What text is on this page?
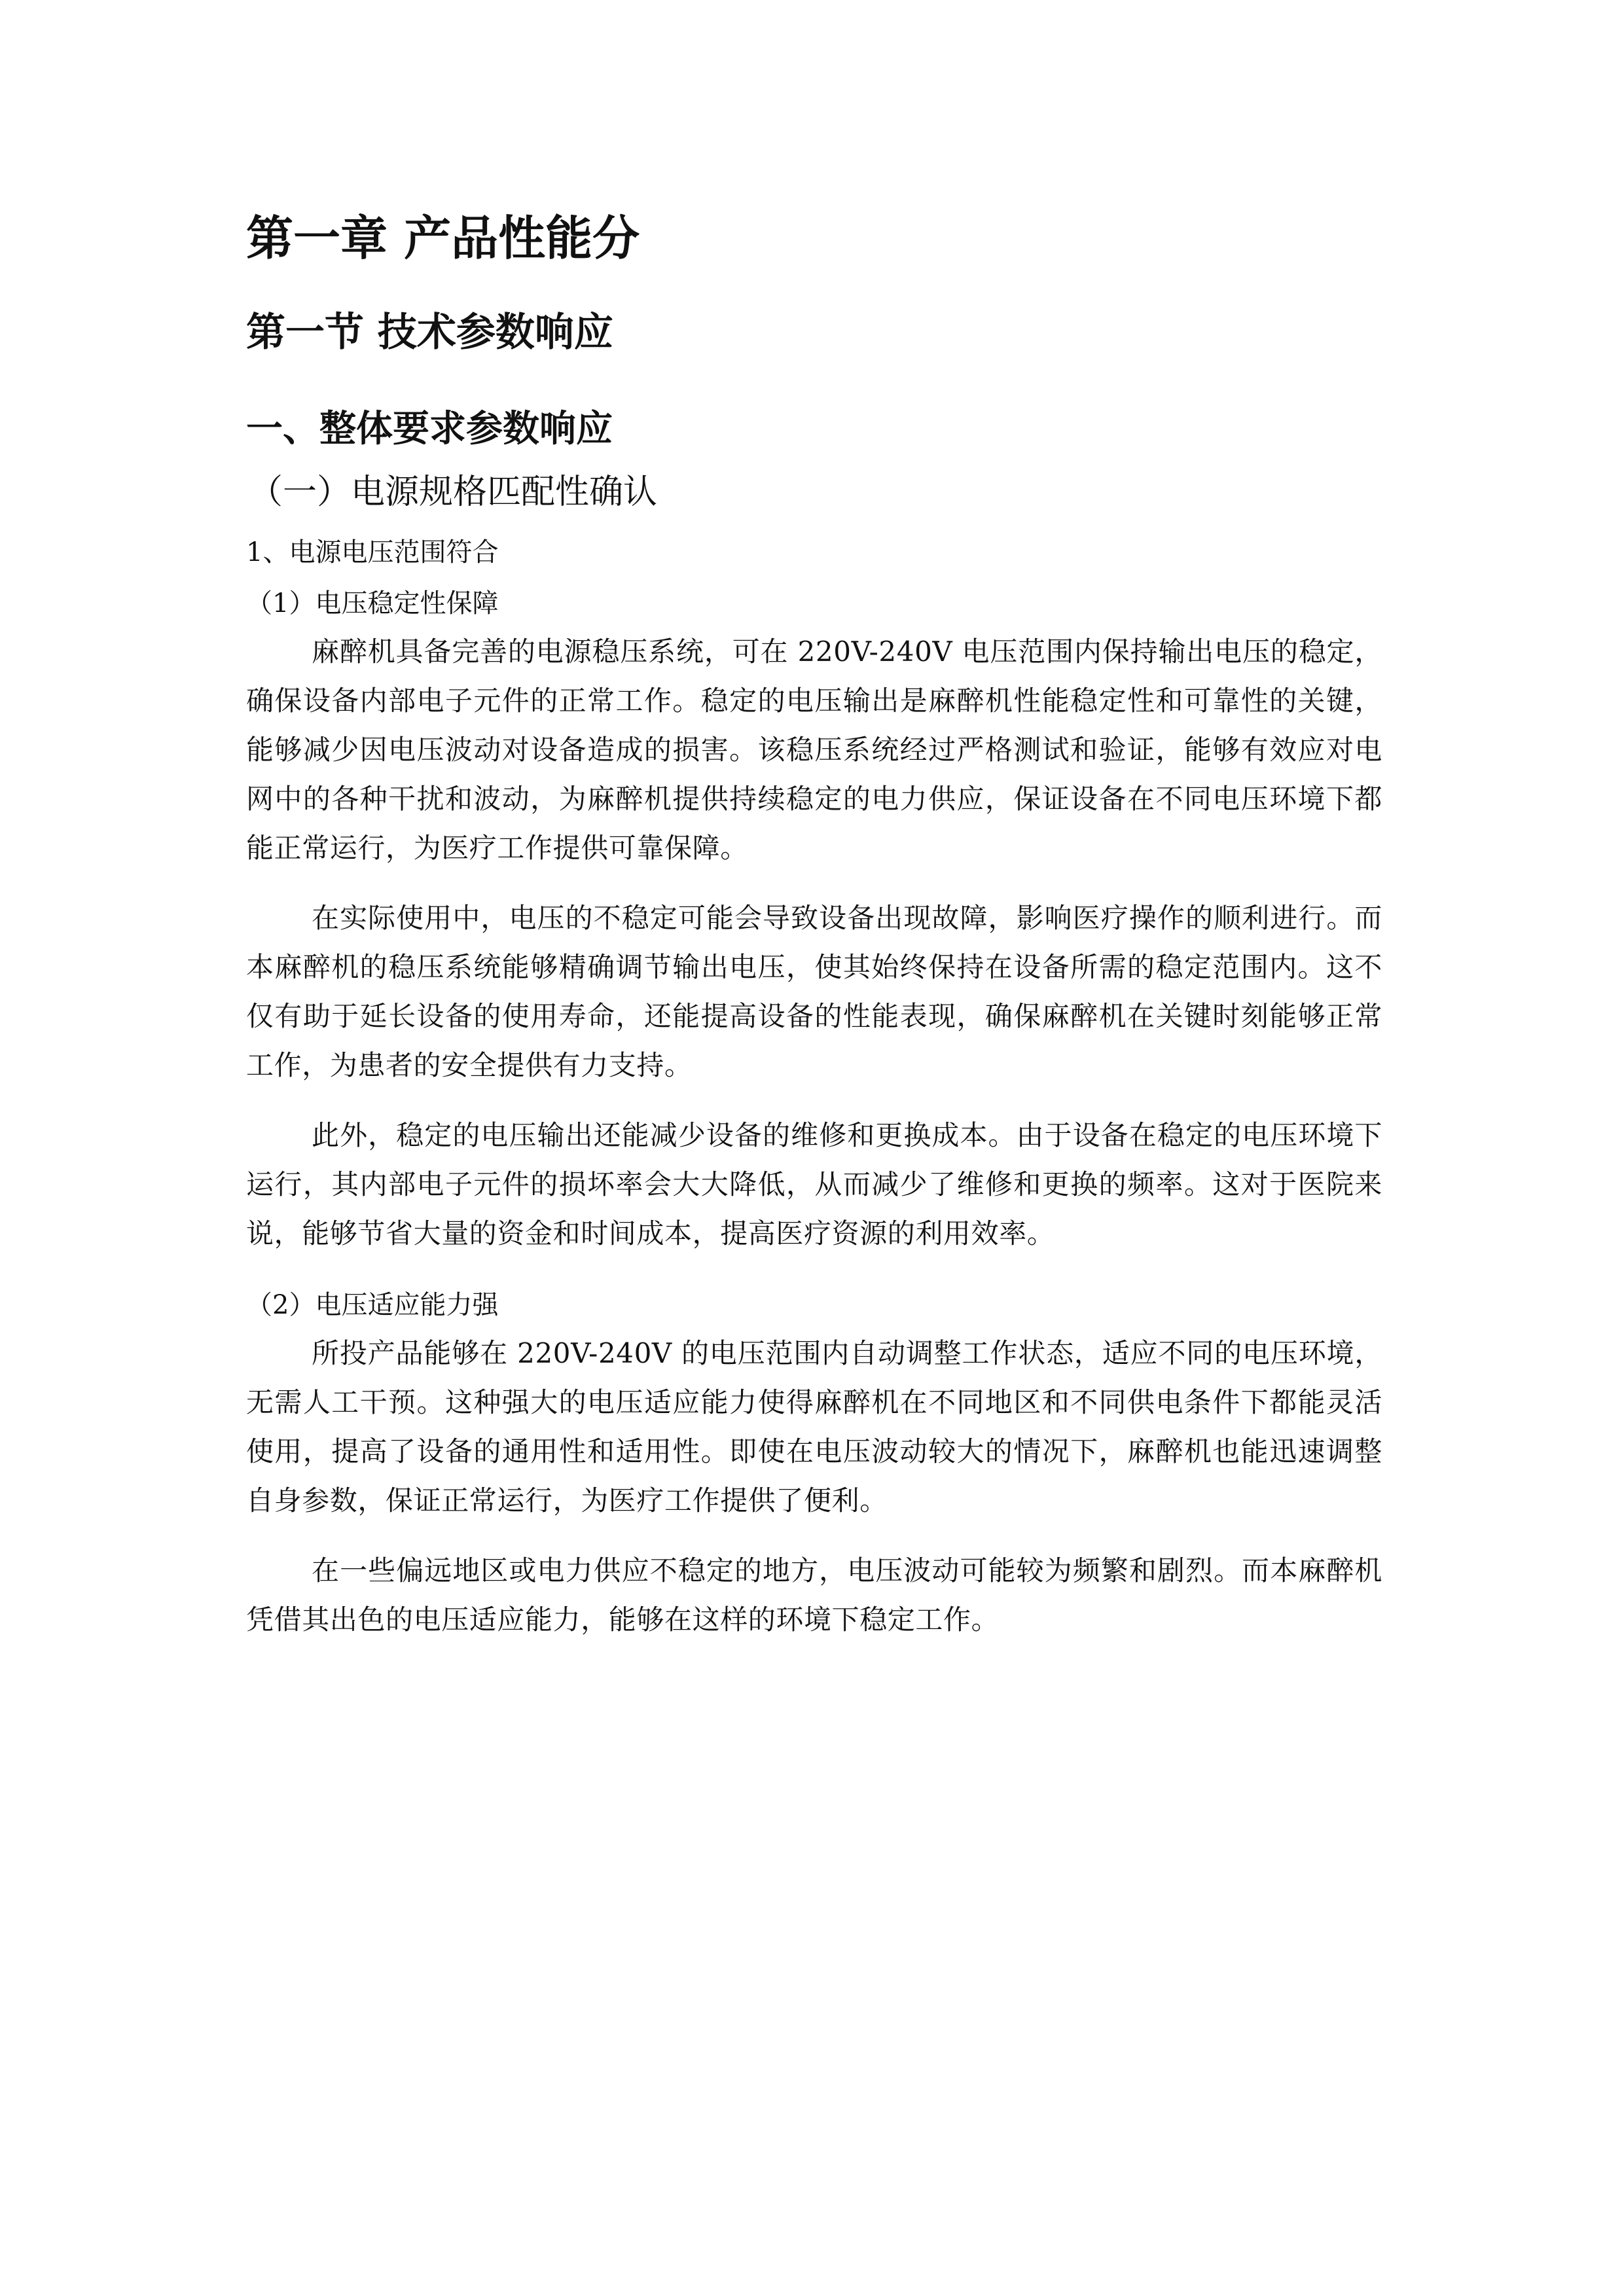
第一章 产品性能分
第一节 技术参数响应
一、整体要求参数响应
（一）电源规格匹配性确认
1、电源电压范围符合
（1）电压稳定性保障

麻醉机具备完善的电源稳压系统，可在 220V-240V 电压范围内保持输出电压的稳定，确保设备内部电子元件的正常工作。稳定的电压输出是麻醉机性能稳定性和可靠性的关键，能够减少因电压波动对设备造成的损害。该稳压系统经过严格测试和验证，能够有效应对电网中的各种干扰和波动，为麻醉机提供持续稳定的电力供应，保证设备在不同电压环境下都能正常运行，为医疗工作提供可靠保障。

在实际使用中，电压的不稳定可能会导致设备出现故障，影响医疗操作的顺利进行。而本麻醉机的稳压系统能够精确调节输出电压，使其始终保持在设备所需的稳定范围内。这不仅有助于延长设备的使用寿命，还能提高设备的性能表现，确保麻醉机在关键时刻能够正常工作，为患者的安全提供有力支持。

此外，稳定的电压输出还能减少设备的维修和更换成本。由于设备在稳定的电压环境下运行，其内部电子元件的损坏率会大大降低，从而减少了维修和更换的频率。这对于医院来说，能够节省大量的资金和时间成本，提高医疗资源的利用效率。

（2）电压适应能力强

所投产品能够在 220V-240V 的电压范围内自动调整工作状态，适应不同的电压环境，无需人工干预。这种强大的电压适应能力使得麻醉机在不同地区和不同供电条件下都能灵活使用，提高了设备的通用性和适用性。即使在电压波动较大的情况下，麻醉机也能迅速调整自身参数，保证正常运行，为医疗工作提供了便利。

在一些偏远地区或电力供应不稳定的地方，电压波动可能较为频繁和剧烈。而本麻醉机凭借其出色的电压适应能力，能够在这样的环境下稳定工作。
